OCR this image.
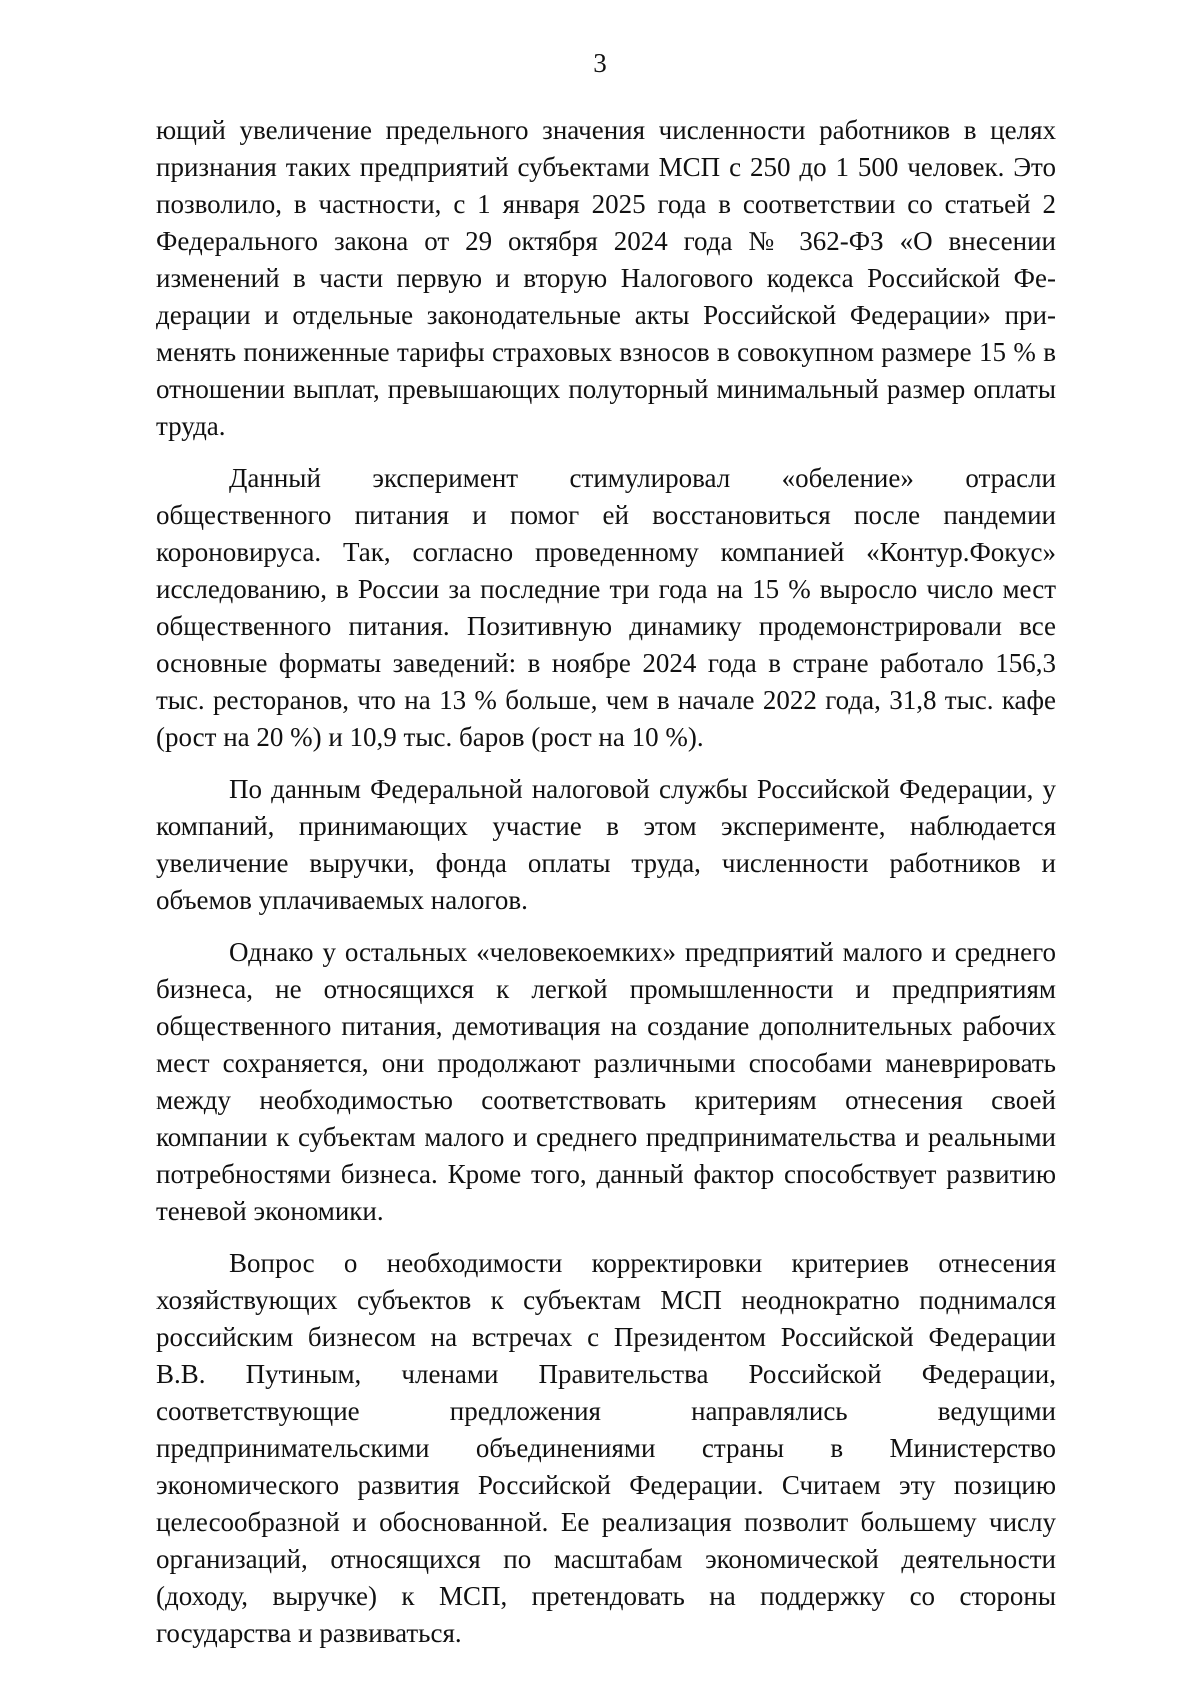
3

ющий увеличение предельного значения численности работников в целях признания таких предприятий субъектами МСП с 250 до 1 500 человек. Это позволило, в частности, с 1 января 2025 года в соответствии со статьей 2 Федерального закона от 29 октября 2024 года № 362-ФЗ «О внесении изменений в части первую и вторую Налогового кодекса Российской Федерации и отдельные законодательные акты Российской Федерации» применять пониженные тарифы страховых взносов в совокупном размере 15 % в отношении выплат, превышающих полуторный минимальный размер оплаты труда.

Данный эксперимент стимулировал «обеление» отрасли общественного питания и помог ей восстановиться после пандемии короновируса. Так, согласно проведенному компанией «Контур.Фокус» исследованию, в России за последние три года на 15 % выросло число мест общественного питания. Позитивную динамику продемонстрировали все основные форматы заведений: в ноябре 2024 года в стране работало 156,3 тыс. ресторанов, что на 13 % больше, чем в начале 2022 года, 31,8 тыс. кафе (рост на 20 %) и 10,9 тыс. баров (рост на 10 %).

По данным Федеральной налоговой службы Российской Федерации, у компаний, принимающих участие в этом эксперименте, наблюдается увеличение выручки, фонда оплаты труда, численности работников и объемов уплачиваемых налогов.

Однако у остальных «человекоемких» предприятий малого и среднего бизнеса, не относящихся к легкой промышленности и предприятиям общественного питания, демотивация на создание дополнительных рабочих мест сохраняется, они продолжают различными способами маневрировать между необходимостью соответствовать критериям отнесения своей компании к субъектам малого и среднего предпринимательства и реальными потребностями бизнеса. Кроме того, данный фактор способствует развитию теневой экономики.

Вопрос о необходимости корректировки критериев отнесения хозяйствующих субъектов к субъектам МСП неоднократно поднимался российским бизнесом на встречах с Президентом Российской Федерации В.В. Путиным, членами Правительства Российской Федерации, соответствующие предложения направлялись ведущими предпринимательскими объединениями страны в Министерство экономического развития Российской Федерации. Считаем эту позицию целесообразной и обоснованной. Ее реализация позволит большему числу организаций, относящихся по масштабам экономической деятельности (доходу, выручке) к МСП, претендовать на поддержку со стороны государства и развиваться.
